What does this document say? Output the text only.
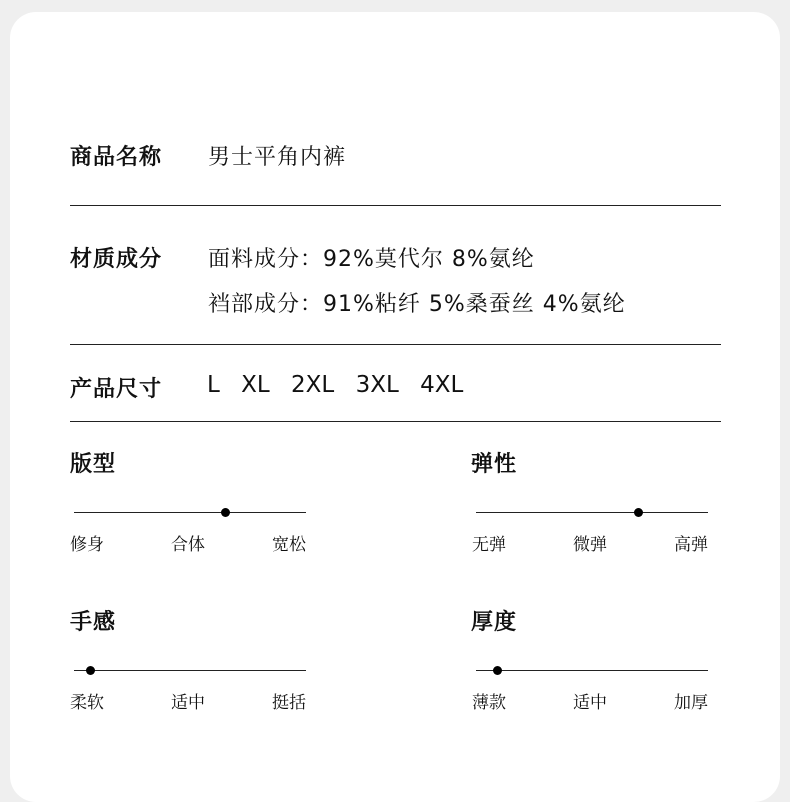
商品名称 男士平角内裤
材质成分 面料成分：92%莫代尔 8%氨纶
裆部成分：91%粘纤 5%桑蚕丝 4%氨纶
产品尺寸 L XL 2XL 3XL 4XL
版型
修身	合体	宽松
弹性
无弹	微弹	高弹
手感
柔软	适中	挺括
厚度
薄款	适中	加厚
